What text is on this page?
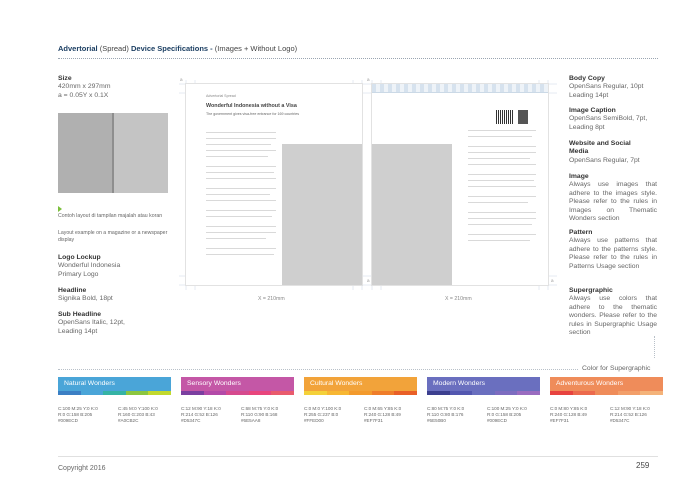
Advertorial (Spread) Device Specifications - (Images + Without Logo)
Size
420mm x 297mm
a = 0.05Y x 0.1X
Contoh layout di tampilan majalah atau koran
Layout example on a magazine or a newspaper display
Logo Lockup
Wonderful Indonesia
Primary Logo
Headline
Signika Bold, 18pt
Sub Headline
OpenSans Italic, 12pt,
Leading 14pt
Advertorial Spread
Wonderful Indonesia without a Visa
The government gives visa-free entrance for 169 countries
a	a
a	a
X = 210mm	X = 210mm
Body Copy
OpenSans Regular, 10pt
Leading 14pt
Image Caption
OpenSans SemiBold, 7pt,
Leading 8pt
Website and Social
Media
OpenSans Regular, 7pt
Image
Always use images that adhere to the images style. Please refer to the rules in Images on Thematic Wonders section
Pattern
Always use patterns that adhere to the patterns style. Please refer to the rules in Patterns Usage section
Supergraphic
Always use colors that adhere to the thematic wonders. Please refer to the rules in Supergraphic Usage section
Color for Supergraphic
Natural Wonders
C:100 M:25 Y:0 K:0
R:0 G:158 B:205
#009ECD
C:45 M:0 Y:100 K:0
R:160 G:203 B:43
#A0CB2C
Sensory Wonders
C:12 M:90 Y:18 K:0
R:214 G:52 B:126
#D5347C
C:68 M:75 Y:0 K:0
R:110 G:90 B:168
#6E5AA8
Cultural Wonders
C:0 M:0 Y:100 K:0
R:255 G:237 B:0
#FFED00
C:0 M:65 Y:85 K:0
R:240 G:128 B:49
#EF7F31
Modern Wonders
C:80 M:75 Y:0 K:0
R:110 G:80 B:176
#6E50B0
C:100 M:25 Y:0 K:0
R:0 G:158 B:205
#009ECD
Adventurous Wonders
C:0 M:80 Y:85 K:0
R:240 G:128 B:49
#EF7F31
C:12 M:90 Y:18 K:0
R:214 G:52 B:126
#D5347C
Copyright 2016	259
